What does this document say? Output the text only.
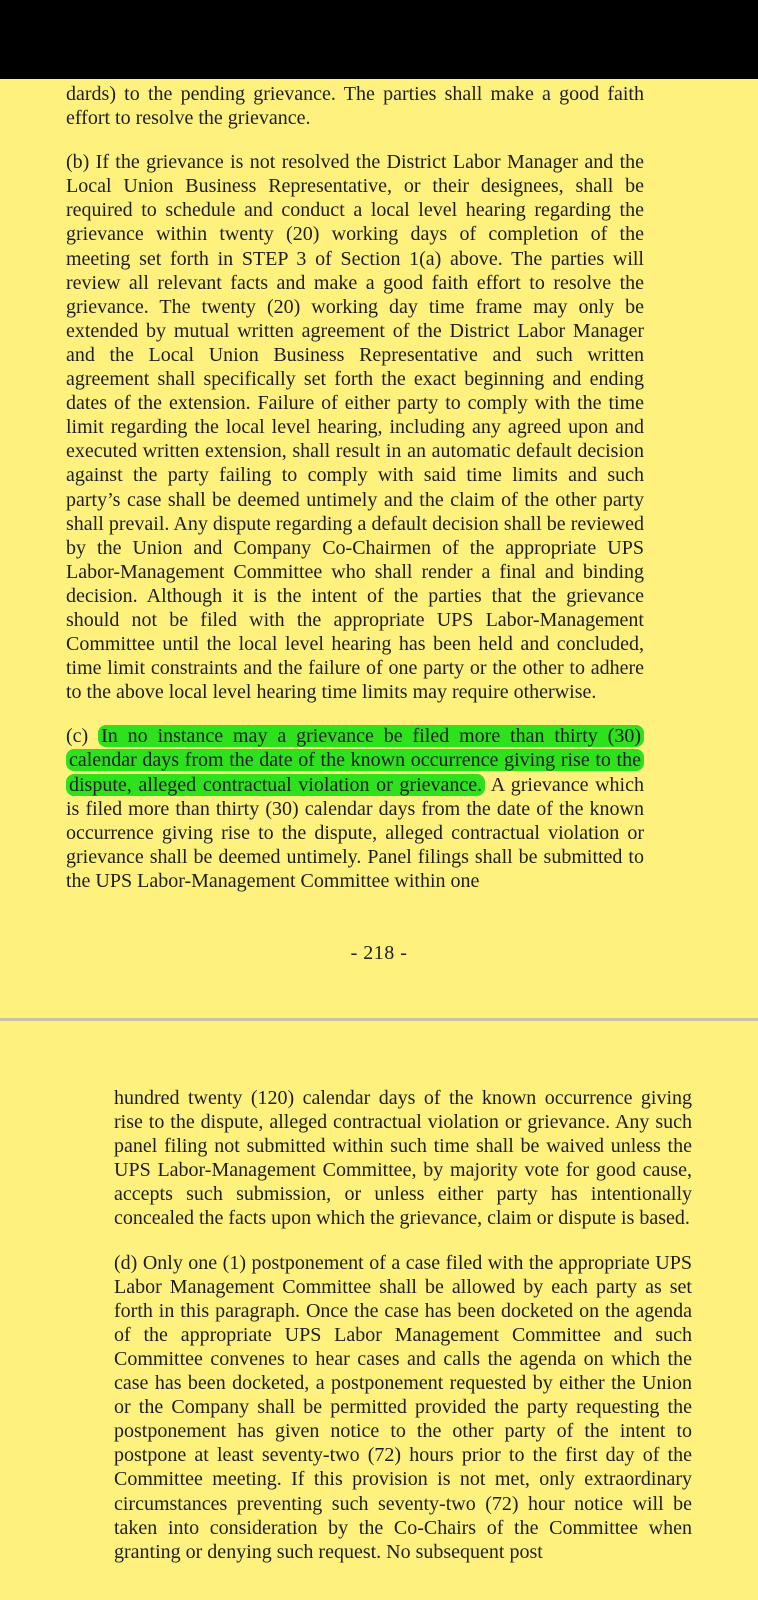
dards) to the pending grievance. The parties shall make a good faith effort to resolve the grievance.

(b) If the grievance is not resolved the District Labor Manager and the Local Union Business Representative, or their designees, shall be required to schedule and conduct a local level hearing regarding the grievance within twenty (20) working days of completion of the meeting set forth in STEP 3 of Section 1(a) above. The parties will review all relevant facts and make a good faith effort to resolve the grievance. The twenty (20) working day time frame may only be extended by mutual written agreement of the District Labor Manager and the Local Union Business Representative and such written agreement shall specifically set forth the exact beginning and ending dates of the extension. Failure of either party to comply with the time limit regarding the local level hearing, including any agreed upon and executed written extension, shall result in an automatic default decision against the party failing to comply with said time limits and such party’s case shall be deemed untimely and the claim of the other party shall prevail. Any dispute regarding a default decision shall be reviewed by the Union and Company Co-Chairmen of the appropriate UPS Labor-Management Committee who shall render a final and binding decision. Although it is the intent of the parties that the grievance should not be filed with the appropriate UPS Labor-Management Committee until the local level hearing has been held and concluded, time limit constraints and the failure of one party or the other to adhere to the above local level hearing time limits may require otherwise.

(c) In no instance may a grievance be filed more than thirty (30) calendar days from the date of the known occurrence giving rise to the dispute, alleged contractual violation or grievance. A grievance which is filed more than thirty (30) calendar days from the date of the known occurrence giving rise to the dispute, alleged contractual violation or grievance shall be deemed untimely. Panel filings shall be submitted to the UPS Labor-Management Committee within one

- 218 -

hundred twenty (120) calendar days of the known occurrence giving rise to the dispute, alleged contractual violation or grievance. Any such panel filing not submitted within such time shall be waived unless the UPS Labor-Management Committee, by majority vote for good cause, accepts such submission, or unless either party has intentionally concealed the facts upon which the grievance, claim or dispute is based.

(d) Only one (1) postponement of a case filed with the appropriate UPS Labor Management Committee shall be allowed by each party as set forth in this paragraph. Once the case has been docketed on the agenda of the appropriate UPS Labor Management Committee and such Committee convenes to hear cases and calls the agenda on which the case has been docketed, a postponement requested by either the Union or the Company shall be permitted provided the party requesting the postponement has given notice to the other party of the intent to postpone at least seventy-two (72) hours prior to the first day of the Committee meeting. If this provision is not met, only extraordinary circumstances preventing such seventy-two (72) hour notice will be taken into consideration by the Co-Chairs of the Committee when granting or denying such request. No subsequent post
